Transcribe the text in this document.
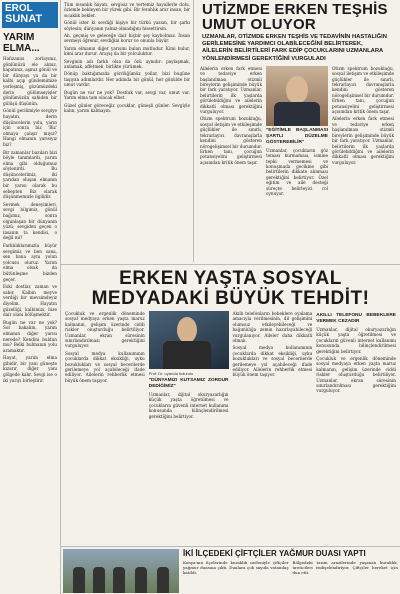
EROL
SUNAT
YARIM ELMA...

Hafızanızı zorlayınız, gönlünüzü ele alınız, kapatınız, aşınız gönül ve bir dünyayı ya da bir kalbi açıp gündemimize yerleşmiş, gözümüzdeki derin gülümseyişler gönlümüzün sahiden bir gülüşü düşünün.

Gönül gerilimiyle sevgiye hayatın, derin düşüncelerin yolu, yarın için sonra biz 'Biz' olmaya çalışır mıyız? Hangi elmanın yarısıyız biz?

Bir zamanlar bazıları bizi böyle tanımlardı, yarım elma gibi olduğumuz söylenirdi. Bu düşüncelerimiz, iki yarıdan oluşan elmanın bir yarısı olarak bu sebepten Biz olarak düşünmemizle ilgilidir.

Sevmek deneyimleri, sevgi bilgimiz, gönül bağımız, sonra olgunlaşan bir dünyanın yüzü; sevgiden geçen o insanın ta kendisi, o değil mi?

Farklılıklarımızla büyür sevgimiz ve ben sana, sen bana aynı yolun yolcusu oluruz. Yarım elma olsak da bütünleşme bizden geçer.

Eski dostlar, zaman ve sabır. Kalbin meyve verdiği bir mevsimdeyiz diyelim. Hayatın güzelliği, kalbimizi, bize dair olanı bölüşmektir.

Bugün ne var ne yok? Sor bakalım, yarım elmanın diğer yarısı nerede? Kendini buldun mu? Belki bulmanın yolu aramaktır.

Hayat, yarım elma gibidir, bir yanı güneşte kızarır, diğer yanı gölgede kalır. Sevgi ise o iki yarıyı birleştirir.

Tüm insanlık hayatı, sevgisiz ve tertemiz hayallerle dolu, özlemle bekleyen bir yürek gibi. Bir ferahlık arar insan, bir sıcaklık bekler.

Gönül ister ki sevdiği kişiye bir türkü yazsın, bir şarkı söylesin; dünyanın yalnız olmadığını hissettirsin.

Ah, geçmiş ve geleceğe dair hiçbir şey kaybolmaz. İnsan sevmeyi öğrenir, sevdiğini korur ve onunla büyür.

Yarım elmanın diğer yarısını bulan mutludur. Kimi bulur, kimi arar durur. Arayış da bir yolculuktur.

Sevginin adı farklı olsa da özü aynıdır: paylaşmak, anlamak, affetmek, birlikte yürümek.

Dönüp baktığımızda gördüğümüz yollar, bizi bugüne taşıyan adımlardır. Her adımda bir gönül, her gönülde bir umut vardır.

Bugün ne var ne yok? Dostluk var, sevgi var, umut var. Yarım elma tam olacak elbet.

Güzel günler göreceğiz çocuklar, güneşli günler. Sevgiyle kalın, yarım kalmayın.

UTİZMDE ERKEN TEŞHİS UMUT OLUYOR
UZMANLAR, OTİZMDE ERKEN TEŞHİS VE TEDAVİNİN HASTALIĞIN GERİLEMESİNE YARDIMCI OLABİLECEĞİNİ BELİRTEREK, AİLELERİN BELİRTİLERİ FARK EDİP ÇOCUKLARINI UZMANLARA YÖNLENDİRMESİ GEREKTİĞİNİ VURGULADI

Ailelerin erken fark etmesi ve tedaviye erken başlanılması otizmli bireylerin gelişiminde büyük bir fark yaratıyor. Uzmanlar, belirtilerin ilk yaşlarda görülebildiğini ve ailelerin dikkatli olması gerektiğini vurguluyor.

Otizm spektrum bozukluğu, sosyal iletişim ve etkileşimde güçlükler ile sınırlı, tekrarlayıcı davranışlarla kendini gösteren nörogelişimsel bir durumdur. Erken tanı, çocuğun potansiyelini geliştirmesi açısından kritik önem taşır.

"EĞİTİMLE BAŞLANMASI ŞARTLI DÜZELME GÖSTEREBİLİR"

Uzmanlar, çocukların göz teması kurmaması, ismine tepki vermemesi ve konuşmada gecikme gibi belirtilerin dikkate alınması gerektiğini belirtiyor. Özel eğitim ve aile desteği süreçte belirleyici rol oynuyor.

Otizm spektrum bozukluğu, sosyal iletişim ve etkileşimde güçlükler ile sınırlı, tekrarlayıcı davranışlarla kendini gösteren nörogelişimsel bir durumdur. Erken tanı, çocuğun potansiyelini geliştirmesi açısından kritik önem taşır.

Ailelerin erken fark etmesi ve tedaviye erken başlanılması otizmli bireylerin gelişiminde büyük bir fark yaratıyor. Uzmanlar, belirtilerin ilk yaşlarda görülebildiğini ve ailelerin dikkatli olması gerektiğini vurguluyor.

ERKEN YAŞTA SOSYAL MEDYADAKİ BÜYÜK TEHDİT!

Çocukluk ve ergenlik döneminde sosyal medyaya erken yaşta maruz kalmanın, gelişim üzerinde ciddi riskler oluşturduğu belirtiliyor. Uzmanlar, ekran süresinin sınırlandırılması gerektiğini vurguluyor.

Sosyal medya kullanımının çocuklarda dikkat eksikliği, uyku bozuklukları ve sosyal becerilerde gerilemeye yol açabileceği ifade ediliyor. Ailelerin rehberlik etmesi büyük önem taşıyor.

Prof. Dr. uyarıda bulundu
"DÜNYAMIZI KUTSAMIZ ZORDUR DEDİĞİMİZ"

Uzmanlar, dijital okuryazarlığın küçük yaşta öğretilmesi ve çocukların güvenli internet kullanımı konusunda bilinçlendirilmesi gerektiğini belirtiyor.

Akıllı telefonların bebeklere oyalama amacıyla verilmesinin, dil gelişimini olumsuz etkileyebileceği ve bağımlılığa zemin hazırlayabileceği vurgulanıyor. Aileler daha dikkatli olmalı.

Sosyal medya kullanımının çocuklarda dikkat eksikliği, uyku bozuklukları ve sosyal becerilerde gerilemeye yol açabileceği ifade ediliyor. Ailelerin rehberlik etmesi büyük önem taşıyor.

AKILLI TELEFONU BEBEKLERE VERMEK CEZADIR

Uzmanlar, dijital okuryazarlığın küçük yaşta öğretilmesi ve çocukların güvenli internet kullanımı konusunda bilinçlendirilmesi gerektiğini belirtiyor.

Çocukluk ve ergenlik döneminde sosyal medyaya erken yaşta maruz kalmanın, gelişim üzerinde ciddi riskler oluşturduğu belirtiliyor. Uzmanlar, ekran süresinin sınırlandırılması gerektiğini vurguluyor.

İKİ İLÇEDEKİ ÇİFTÇİLER YAĞMUR DUASI YAPTI
Konya'nın ilçelerinde kuraklık nedeniyle çiftçiler yağmur duasına çıktı. Dualara çok sayıda vatandaş katıldı.
Bölgedeki tarım arazilerinde yaşanan kuraklık, üreticileri endişelendiriyor. Çiftçiler bereket için dua etti.
